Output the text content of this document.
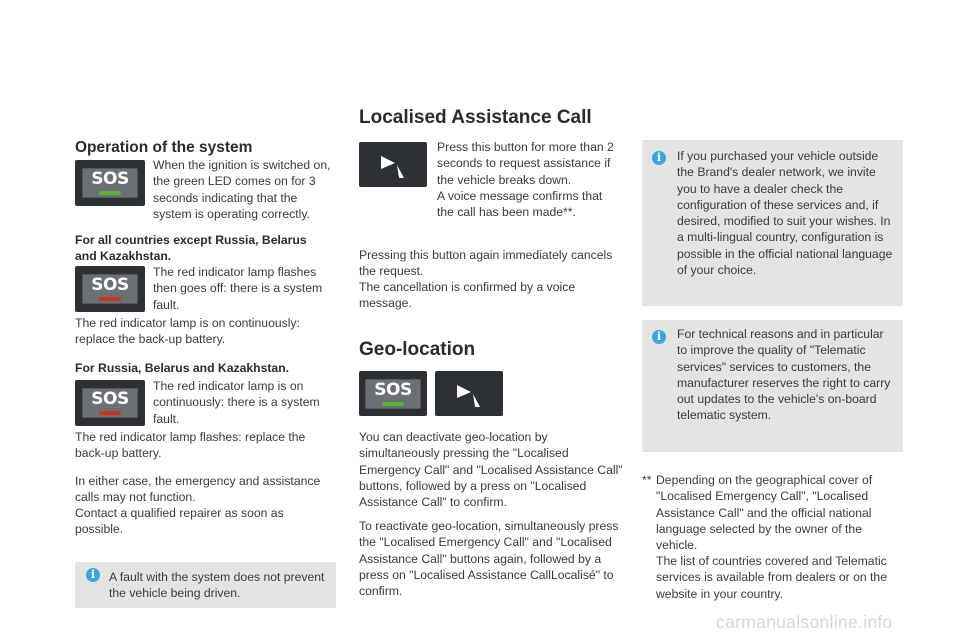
Operation of the system
SOS

When the ignition is switched on, the green LED comes on for 3 seconds indicating that the system is operating correctly.

For all countries except Russia, Belarus and Kazakhstan.

SOS

The red indicator lamp flashes then goes off: there is a system fault.

The red indicator lamp is on continuously: replace the back-up battery.

For Russia, Belarus and Kazakhstan.

SOS

The red indicator lamp is on continuously: there is a system fault.

The red indicator lamp flashes: replace the back-up battery.

In either case, the emergency and assistance calls may not function.

Contact a qualified repairer as soon as possible.

i	A fault with the system does not prevent the vehicle being driven.

Localised Assistance Call

Press this button for more than 2 seconds to request assistance if the vehicle breaks down.

A voice message confirms that the call has been made**.

Pressing this button again immediately cancels the request.

The cancellation is confirmed by a voice message.

Geo-location
SOS

You can deactivate geo-location by simultaneously pressing the "Localised Emergency Call" and "Localised Assistance Call" buttons, followed by a press on "Localised Assistance Call" to confirm.

To reactivate geo-location, simultaneously press the "Localised Emergency Call" and "Localised Assistance Call" buttons again, followed by a press on "Localised Assistance CallLocalisé" to confirm.

i	If you purchased your vehicle outside the Brand's dealer network, we invite you to have a dealer check the configuration of these services and, if desired, modified to suit your wishes. In a multi-lingual country, configuration is possible in the official national language of your choice.

i	For technical reasons and in particular to improve the quality of "Telematic services" services to customers, the manufacturer reserves the right to carry out updates to the vehicle's on-board telematic system.

** Depending on the geographical cover of "Localised Emergency Call", "Localised Assistance Call" and the official national language selected by the owner of the vehicle.

The list of countries covered and Telematic services is available from dealers or on the website in your country.

carmanualsonline.info
